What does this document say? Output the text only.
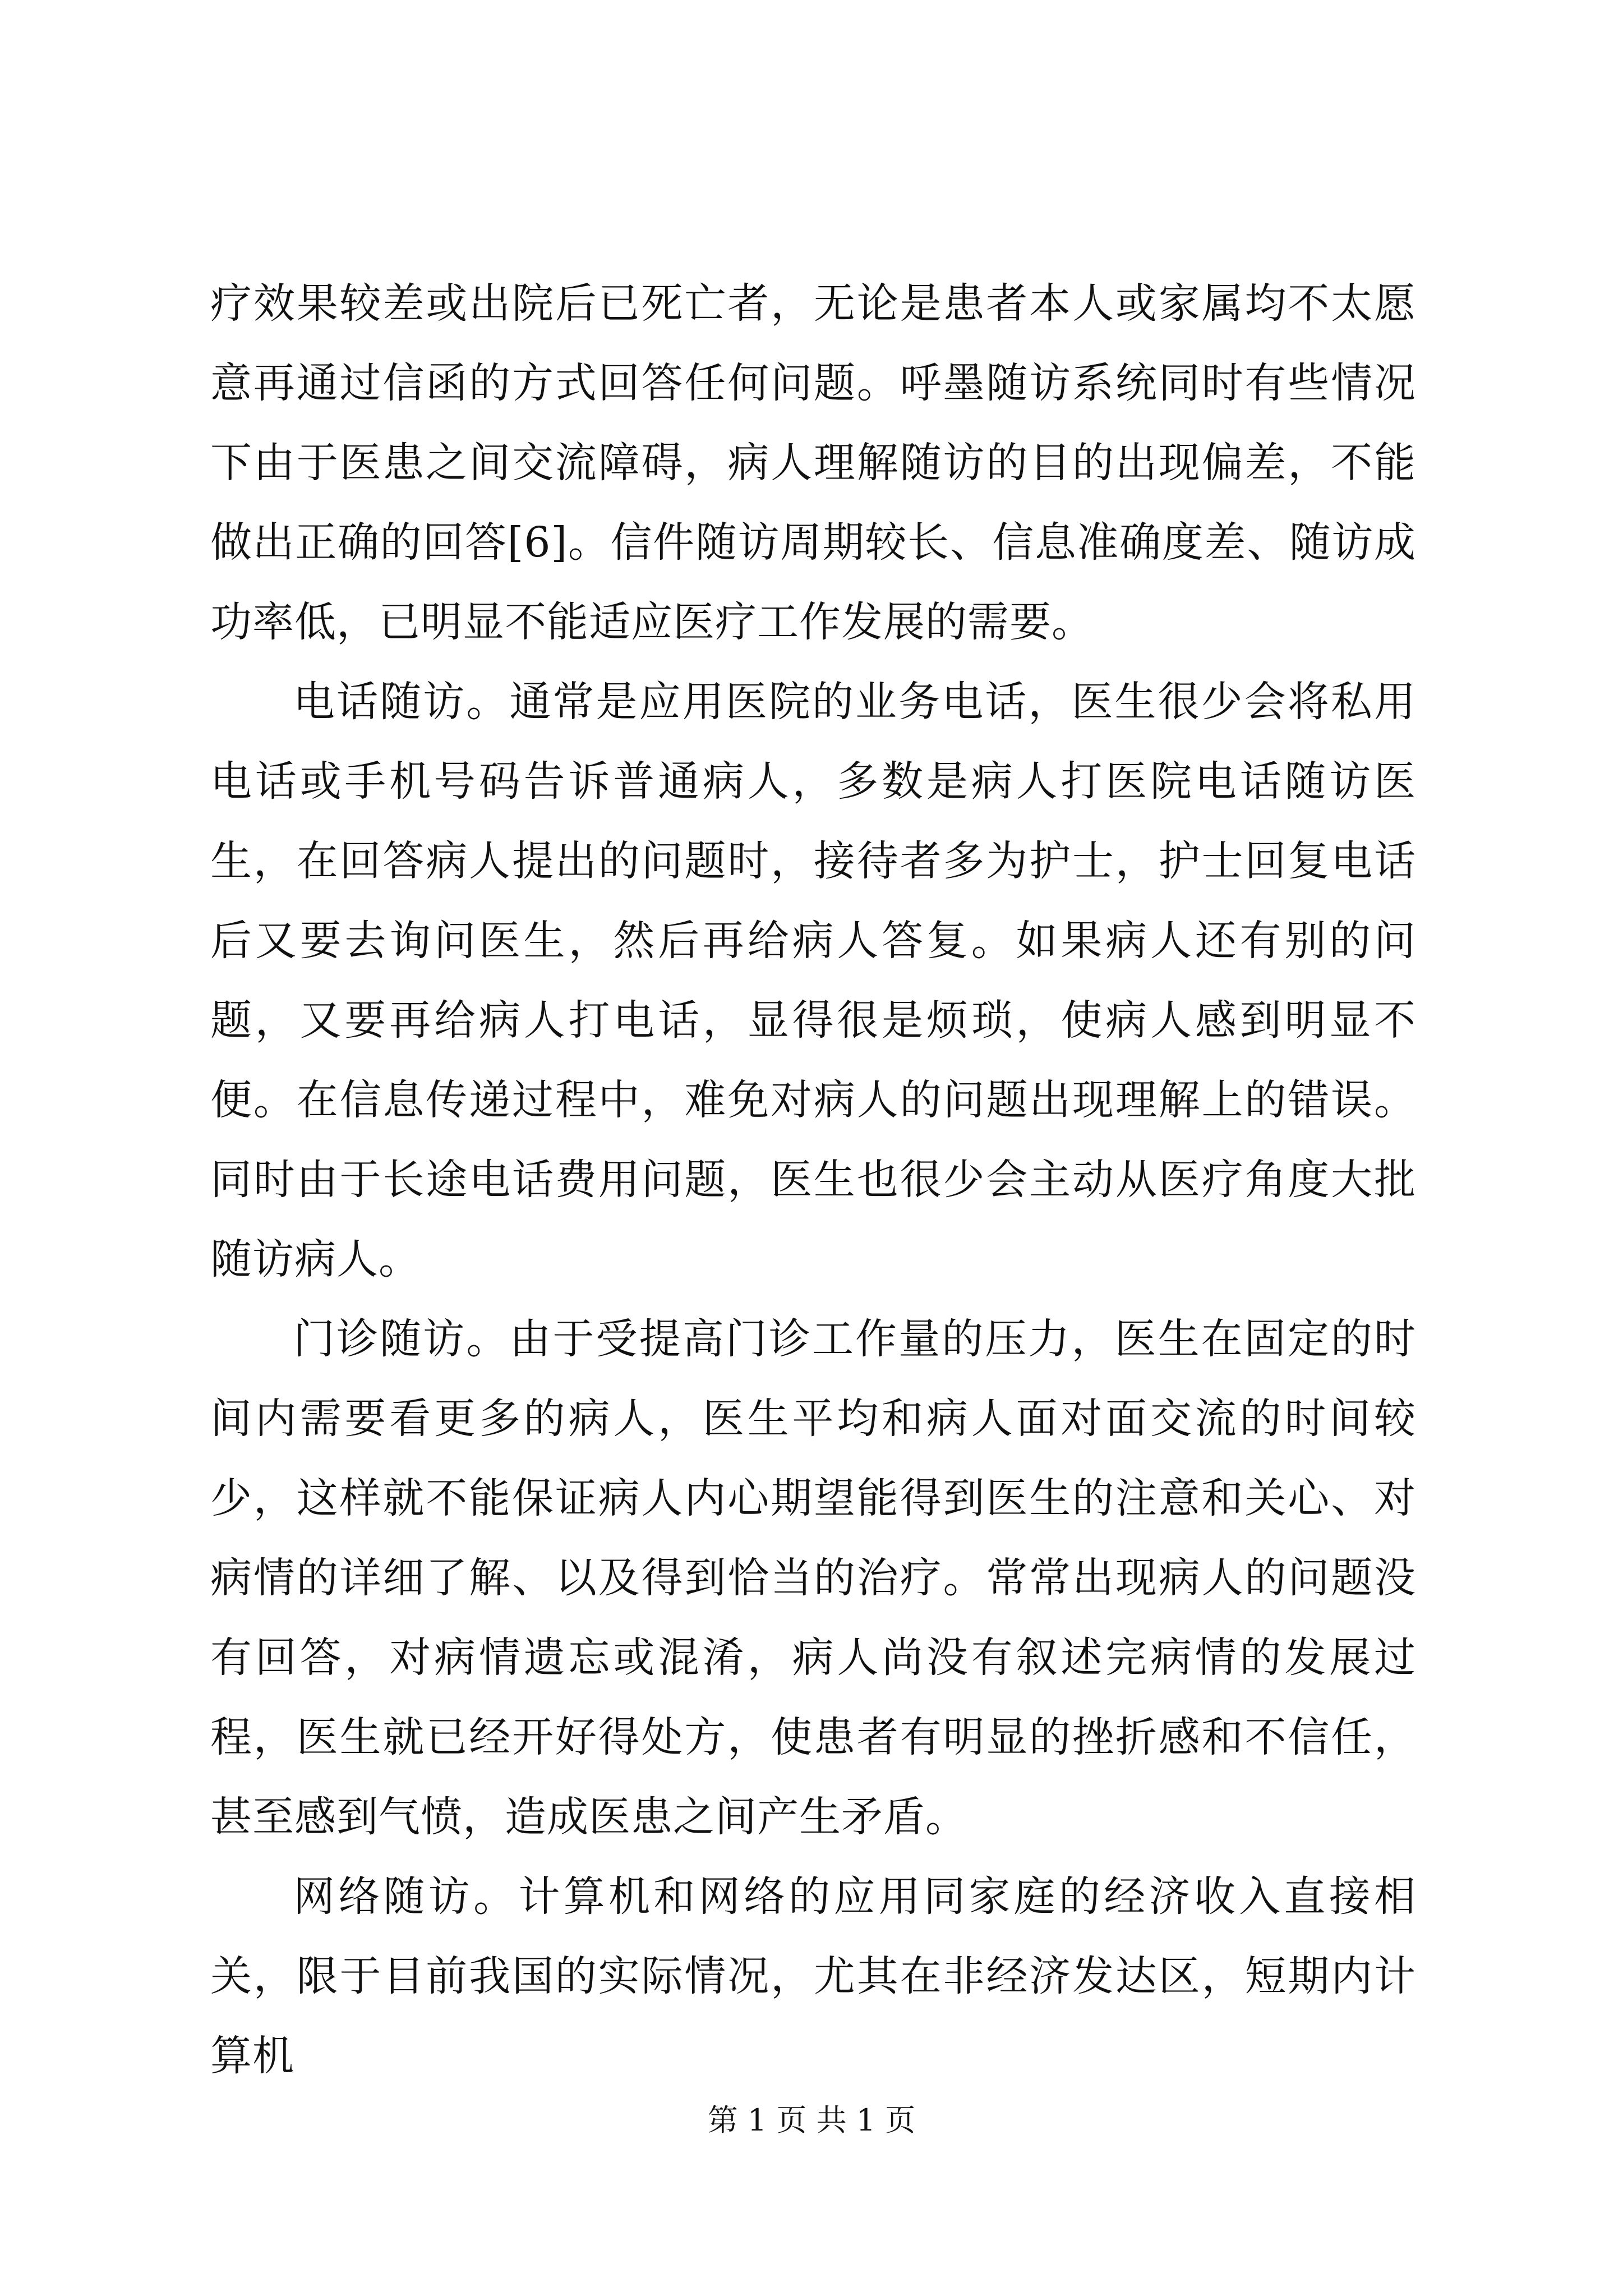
疗效果较差或出院后已死亡者，无论是患者本人或家属均不太愿意再通过信函的方式回答任何问题。呼墨随访系统同时有些情况下由于医患之间交流障碍，病人理解随访的目的出现偏差，不能做出正确的回答[6]。信件随访周期较长、信息准确度差、随访成功率低，已明显不能适应医疗工作发展的需要。

电话随访。通常是应用医院的业务电话，医生很少会将私用电话或手机号码告诉普通病人，多数是病人打医院电话随访医生，在回答病人提出的问题时，接待者多为护士，护士回复电话后又要去询问医生，然后再给病人答复。如果病人还有别的问题，又要再给病人打电话，显得很是烦琐，使病人感到明显不便。在信息传递过程中，难免对病人的问题出现理解上的错误。同时由于长途电话费用问题，医生也很少会主动从医疗角度大批随访病人。

门诊随访。由于受提高门诊工作量的压力，医生在固定的时间内需要看更多的病人，医生平均和病人面对面交流的时间较少，这样就不能保证病人内心期望能得到医生的注意和关心、对病情的详细了解、以及得到恰当的治疗。常常出现病人的问题没有回答，对病情遗忘或混淆，病人尚没有叙述完病情的发展过程，医生就已经开好得处方，使患者有明显的挫折感和不信任，甚至感到气愤，造成医患之间产生矛盾。

网络随访。计算机和网络的应用同家庭的经济收入直接相关，限于目前我国的实际情况，尤其在非经济发达区，短期内计算机

第 1 页 共 1 页
